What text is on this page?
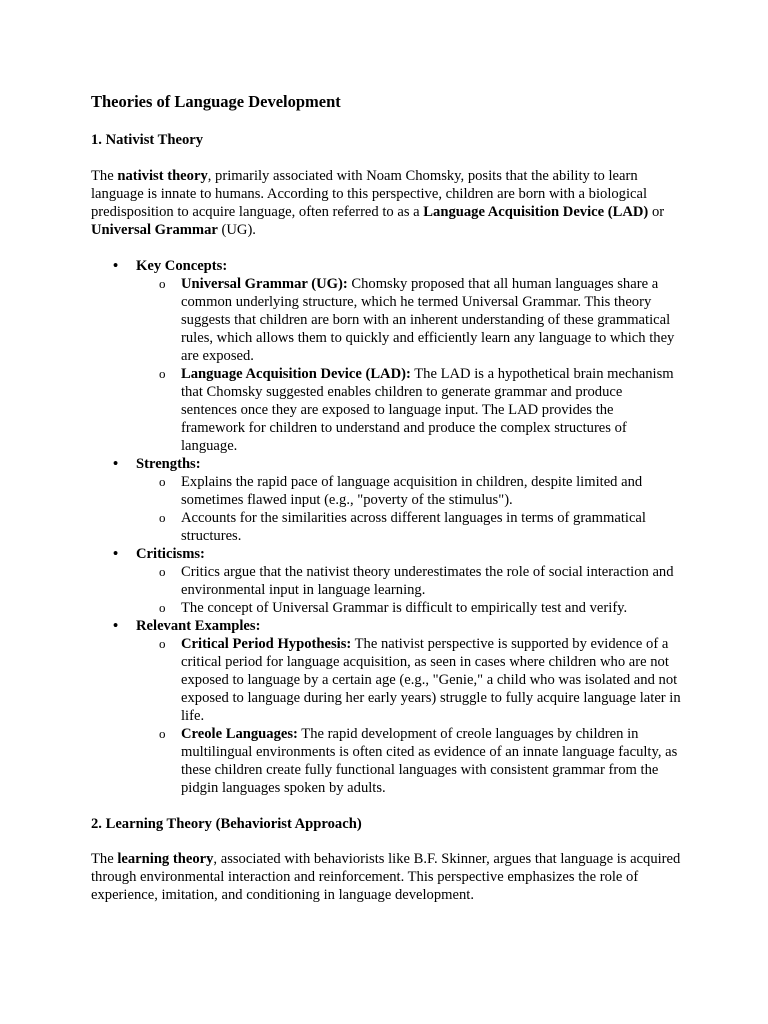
Theories of Language Development
1. Nativist Theory

The nativist theory, primarily associated with Noam Chomsky, posits that the ability to learn language is innate to humans. According to this perspective, children are born with a biological predisposition to acquire language, often referred to as a Language Acquisition Device (LAD) or Universal Grammar (UG).

• Key Concepts:
o Universal Grammar (UG): Chomsky proposed that all human languages share a common underlying structure, which he termed Universal Grammar. This theory suggests that children are born with an inherent understanding of these grammatical rules, which allows them to quickly and efficiently learn any language to which they are exposed.
o Language Acquisition Device (LAD): The LAD is a hypothetical brain mechanism that Chomsky suggested enables children to generate grammar and produce sentences once they are exposed to language input. The LAD provides the framework for children to understand and produce the complex structures of language.
• Strengths:
o Explains the rapid pace of language acquisition in children, despite limited and sometimes flawed input (e.g., "poverty of the stimulus").
o Accounts for the similarities across different languages in terms of grammatical structures.
• Criticisms:
o Critics argue that the nativist theory underestimates the role of social interaction and environmental input in language learning.
o The concept of Universal Grammar is difficult to empirically test and verify.
• Relevant Examples:
o Critical Period Hypothesis: The nativist perspective is supported by evidence of a critical period for language acquisition, as seen in cases where children who are not exposed to language by a certain age (e.g., "Genie," a child who was isolated and not exposed to language during her early years) struggle to fully acquire language later in life.
o Creole Languages: The rapid development of creole languages by children in multilingual environments is often cited as evidence of an innate language faculty, as these children create fully functional languages with consistent grammar from the pidgin languages spoken by adults.
2. Learning Theory (Behaviorist Approach)

The learning theory, associated with behaviorists like B.F. Skinner, argues that language is acquired through environmental interaction and reinforcement. This perspective emphasizes the role of experience, imitation, and conditioning in language development.
